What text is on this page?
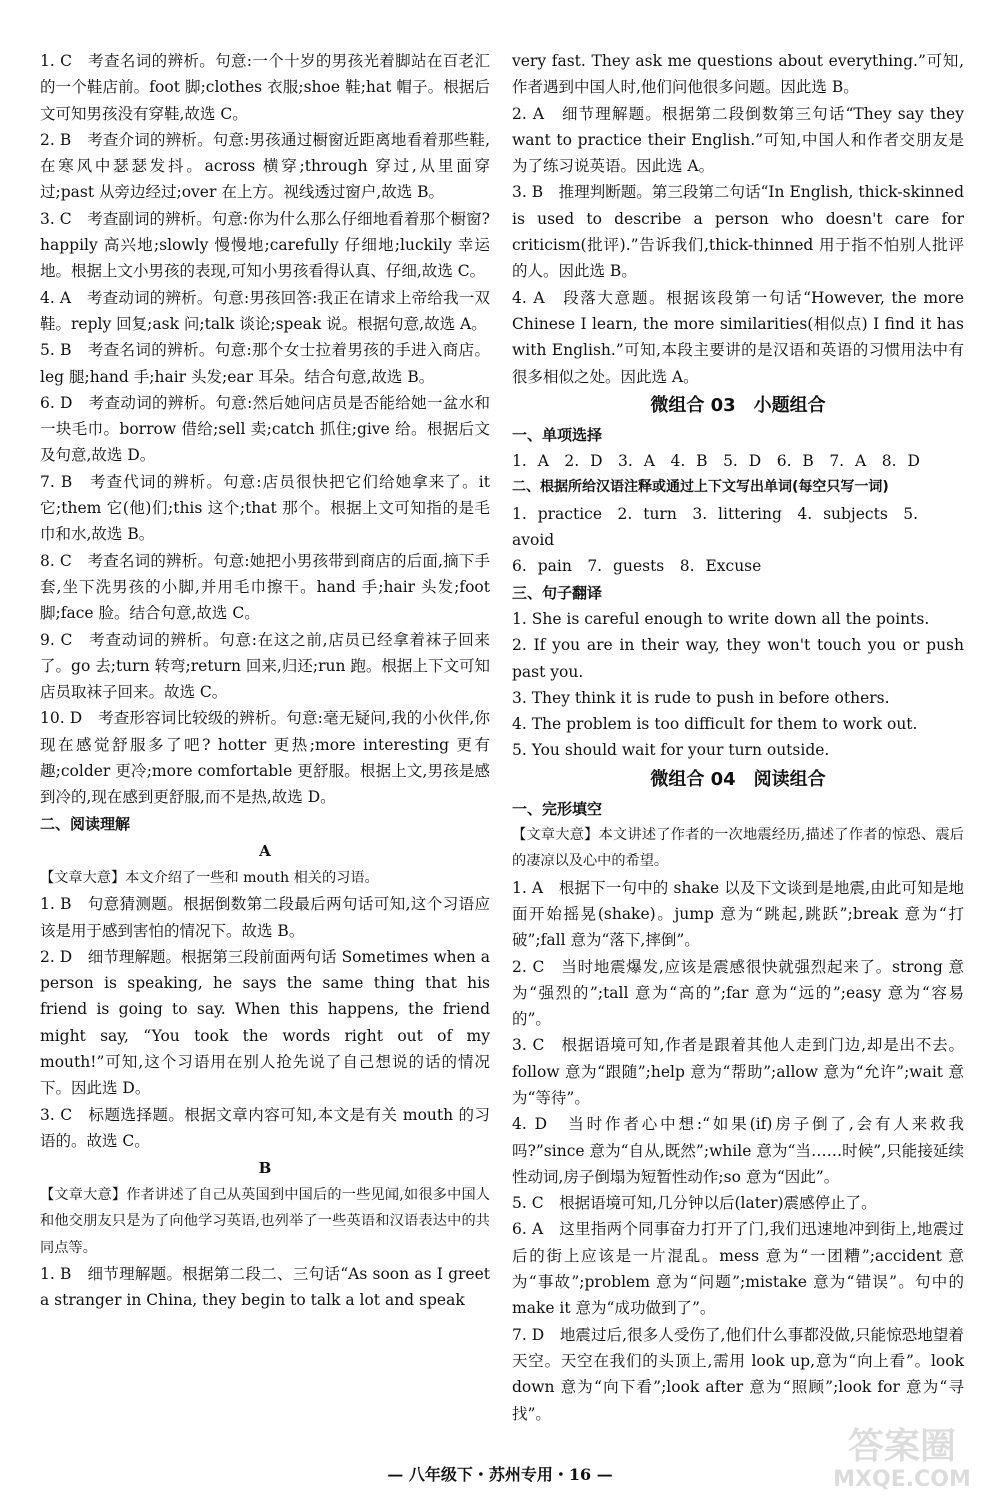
1. C　考查名词的辨析。句意:一个十岁的男孩光着脚站在百老汇的一个鞋店前。foot 脚;clothes 衣服;shoe 鞋;hat 帽子。根据后文可知男孩没有穿鞋,故选 C。

2. B　考查介词的辨析。句意:男孩通过橱窗近距离地看着那些鞋,在寒风中瑟瑟发抖。across 横穿;through 穿过,从里面穿过;past 从旁边经过;over 在上方。视线透过窗户,故选 B。

3. C　考查副词的辨析。句意:你为什么那么仔细地看着那个橱窗? happily 高兴地;slowly 慢慢地;carefully 仔细地;luckily 幸运地。根据上文小男孩的表现,可知小男孩看得认真、仔细,故选 C。

4. A　考查动词的辨析。句意:男孩回答:我正在请求上帝给我一双鞋。reply 回复;ask 问;talk 谈论;speak 说。根据句意,故选 A。

5. B　考查名词的辨析。句意:那个女士拉着男孩的手进入商店。leg 腿;hand 手;hair 头发;ear 耳朵。结合句意,故选 B。

6. D　考查动词的辨析。句意:然后她问店员是否能给她一盆水和一块毛巾。borrow 借给;sell 卖;catch 抓住;give 给。根据后文及句意,故选 D。

7. B　考查代词的辨析。句意:店员很快把它们给她拿来了。it 它;them 它(他)们;this 这个;that 那个。根据上文可知指的是毛巾和水,故选 B。

8. C　考查名词的辨析。句意:她把小男孩带到商店的后面,摘下手套,坐下洗男孩的小脚,并用毛巾擦干。hand 手;hair 头发;foot 脚;face 脸。结合句意,故选 C。

9. C　考查动词的辨析。句意:在这之前,店员已经拿着袜子回来了。go 去;turn 转弯;return 回来,归还;run 跑。根据上下文可知店员取袜子回来。故选 C。

10. D　考查形容词比较级的辨析。句意:毫无疑问,我的小伙伴,你现在感觉舒服多了吧? hotter 更热;more interesting 更有趣;colder 更冷;more comfortable 更舒服。根据上文,男孩是感到冷的,现在感到更舒服,而不是热,故选 D。

二、阅读理解

A

【文章大意】本文介绍了一些和 mouth 相关的习语。

1. B　句意猜测题。根据倒数第二段最后两句话可知,这个习语应该是用于感到害怕的情况下。故选 B。

2. D　细节理解题。根据第三段前面两句话 Sometimes when a person is speaking, he says the same thing that his friend is going to say. When this happens, the friend might say, “You took the words right out of my mouth!”可知,这个习语用在别人抢先说了自己想说的话的情况下。因此选 D。

3. C　标题选择题。根据文章内容可知,本文是有关 mouth 的习语的。故选 C。

B

【文章大意】作者讲述了自己从英国到中国后的一些见闻,如很多中国人和他交朋友只是为了向他学习英语,也列举了一些英语和汉语表达中的共同点等。

1. B　细节理解题。根据第二段二、三句话“As soon as I greet a stranger in China, they begin to talk a lot and speak

very fast. They ask me questions about everything.”可知,作者遇到中国人时,他们问他很多问题。因此选 B。

2. A　细节理解题。根据第二段倒数第三句话“They say they want to practice their English.”可知,中国人和作者交朋友是为了练习说英语。因此选 A。

3. B　推理判断题。第三段第二句话“In English, thick-skinned is used to describe a person who doesn't care for criticism(批评).”告诉我们,thick-thinned 用于指不怕别人批评的人。因此选 B。

4. A　段落大意题。根据该段第一句话“However, the more Chinese I learn, the more similarities(相似点) I find it has with English.”可知,本段主要讲的是汉语和英语的习惯用法中有很多相似之处。因此选 A。

微组合 03　小题组合

一、单项选择

1. A　2. D　3. A　4. B　5. D　6. B　7. A　8. D

二、根据所给汉语注释或通过上下文写出单词(每空只写一词)

1. practice　2. turn　3. littering　4. subjects　5. avoid

6. pain　7. guests　8. Excuse

三、句子翻译

1. She is careful enough to write down all the points.

2. If you are in their way, they won't touch you or push past you.

3. They think it is rude to push in before others.

4. The problem is too difficult for them to work out.

5. You should wait for your turn outside.

微组合 04　阅读组合

一、完形填空

【文章大意】本文讲述了作者的一次地震经历,描述了作者的惊恐、震后的凄凉以及心中的希望。

1. A　根据下一句中的 shake 以及下文谈到是地震,由此可知是地面开始摇晃(shake)。jump 意为“跳起,跳跃”;break 意为“打破”;fall 意为“落下,摔倒”。

2. C　当时地震爆发,应该是震感很快就强烈起来了。strong 意为“强烈的”;tall 意为“高的”;far 意为“远的”;easy 意为“容易的”。

3. C　根据语境可知,作者是跟着其他人走到门边,却是出不去。follow 意为“跟随”;help 意为“帮助”;allow 意为“允许”;wait 意为“等待”。

4. D　当时作者心中想:“如果(if)房子倒了,会有人来救我吗?”since 意为“自从,既然”;while 意为“当……时候”,只能接延续性动词,房子倒塌为短暂性动作;so 意为“因此”。

5. C　根据语境可知,几分钟以后(later)震感停止了。

6. A　这里指两个同事奋力打开了门,我们迅速地冲到街上,地震过后的街上应该是一片混乱。mess 意为“一团糟”;accident 意为“事故”;problem 意为“问题”;mistake 意为“错误”。句中的 make it 意为“成功做到了”。

7. D　地震过后,很多人受伤了,他们什么事都没做,只能惊恐地望着天空。天空在我们的头顶上,需用 look up,意为“向上看”。look down 意为“向下看”;look after 意为“照顾”;look for 意为“寻找”。

— 八年级下・苏州专用・16 —
答案圈
MXQE.COM
